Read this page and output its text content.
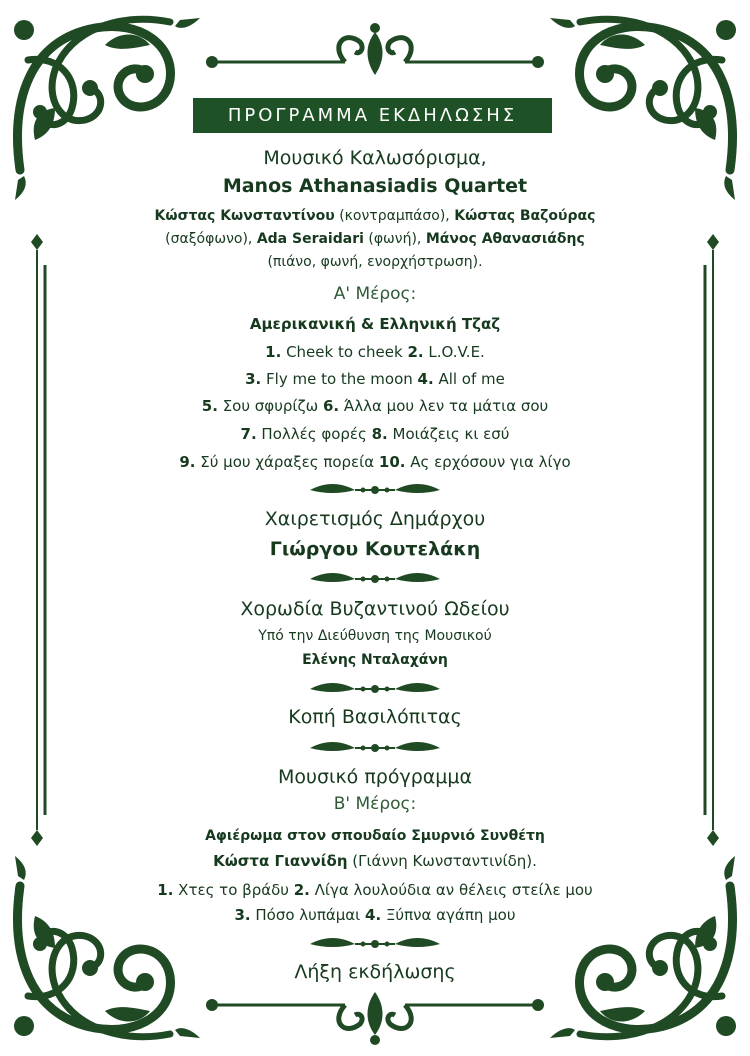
ΠΡΟΓΡΑΜΜΑ ΕΚΔΗΛΩΣΗΣ
Μουσικό Καλωσόρισμα,
Manos Athanasiadis Quartet
Κώστας Κωνσταντίνου (κοντραμπάσο), Κώστας Βαζούρας
(σαξόφωνο), Ada Seraidari (φωνή), Μάνος Αθανασιάδης
(πιάνο, φωνή, ενορχήστρωση).
Α' Μέρος:
Αμερικανική & Ελληνική Τζαζ
1. Cheek to cheek 2. L.O.V.E.
3. Fly me to the moon 4. All of me
5. Σου σφυρίζω 6. Άλλα μου λεν τα μάτια σου
7. Πολλές φορές 8. Μοιάζεις κι εσύ
9. Σύ μου χάραξες πορεία 10. Ας ερχόσουν για λίγο
Χαιρετισμός Δημάρχου
Γιώργου Κουτελάκη
Χορωδία Βυζαντινού Ωδείου
Υπό την Διεύθυνση της Μουσικού
Ελένης Νταλαχάνη
Κοπή Βασιλόπιτας
Μουσικό πρόγραμμα
Β' Μέρος:
Αφιέρωμα στον σπουδαίο Σμυρνιό Συνθέτη
Κώστα Γιαννίδη (Γιάννη Κωνσταντινίδη).
1. Χτες το βράδυ 2. Λίγα λουλούδια αν θέλεις στείλε μου
3. Πόσο λυπάμαι 4. Ξύπνα αγάπη μου
Λήξη εκδήλωσης
